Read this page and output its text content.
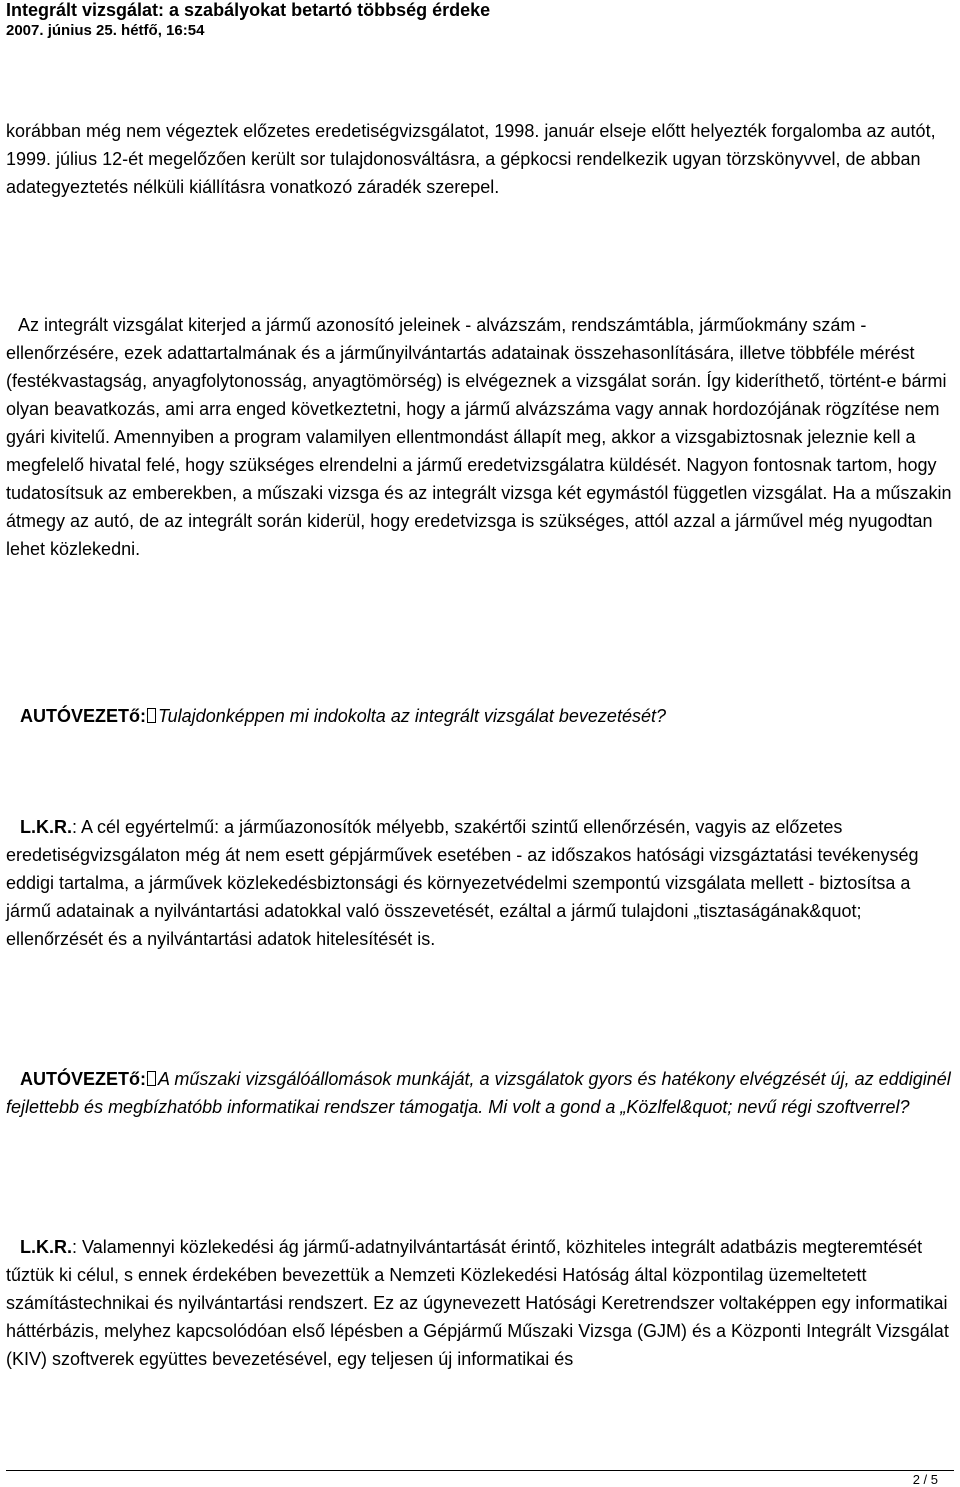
Integrált vizsgálat: a szabályokat betartó többség érdeke
2007. június 25. hétfő, 16:54

korábban még nem végeztek előzetes eredetiségvizsgálatot, 1998. január elseje előtt helyezték forgalomba az autót, 1999. július 12-ét megelőzően került sor tulajdonosváltásra, a gépkocsi rendelkezik ugyan törzskönyvvel, de abban adategyeztetés nélküli kiállításra vonatkozó záradék szerepel.

Az integrált vizsgálat kiterjed a jármű azonosító jeleinek - alvázszám, rendszámtábla, járműokmány szám - ellenőrzésére, ezek adattartalmának és a járműnyilvántartás adatainak összehasonlítására, illetve többféle mérést (festékvastagság, anyagfolytonosság, anyagtömörség) is elvégeznek a vizsgálat során. Így kideríthető, történt-e bármi olyan beavatkozás, ami arra enged következtetni, hogy a jármű alvázszáma vagy annak hordozójának rögzítése nem gyári kivitelű. Amennyiben a program valamilyen ellentmondást állapít meg, akkor a vizsgabiztosnak jeleznie kell a megfelelő hivatal felé, hogy szükséges elrendelni a jármű eredetvizsgálatra küldését. Nagyon fontosnak tartom, hogy tudatosítsuk az emberekben, a műszaki vizsga és az integrált vizsga két egymástól független vizsgálat. Ha a műszakin átmegy az autó, de az integrált során kiderül, hogy eredetvizsga is szükséges, attól azzal a járművel még nyugodtan lehet közlekedni.

AUTÓVEZETő: Tulajdonképpen mi indokolta az integrált vizsgálat bevezetését?

L.K.R.: A cél egyértelmű: a járműazonosítók mélyebb, szakértői szintű ellenőrzésén, vagyis az előzetes eredetiségvizsgálaton még át nem esett gépjárművek esetében - az időszakos hatósági vizsgáztatási tevékenység eddigi tartalma, a járművek közlekedésbiztonsági és környezetvédelmi szempontú vizsgálata mellett - biztosítsa a jármű adatainak a nyilvántartási adatokkal való összevetését, ezáltal a jármű tulajdoni „tisztaságának&quot; ellenőrzését és a nyilvántartási adatok hitelesítését is.

AUTÓVEZETő: A műszaki vizsgálóállomások munkáját, a vizsgálatok gyors és hatékony elvégzését új, az eddiginél fejlettebb és megbízhatóbb informatikai rendszer támogatja. Mi volt a gond a „Közlfel&quot; nevű régi szoftverrel?

L.K.R.: Valamennyi közlekedési ág jármű-adatnyilvántartását érintő, közhiteles integrált adatbázis megteremtését tűztük ki célul, s ennek érdekében bevezettük a Nemzeti Közlekedési Hatóság által központilag üzemeltetett számítástechnikai és nyilvántartási rendszert. Ez az úgynevezett Hatósági Keretrendszer voltaképpen egy informatikai háttérbázis, melyhez kapcsolódóan első lépésben a Gépjármű Műszaki Vizsga (GJM) és a Központi Integrált Vizsgálat (KIV) szoftverek együttes bevezetésével, egy teljesen új informatikai és

2 / 5
